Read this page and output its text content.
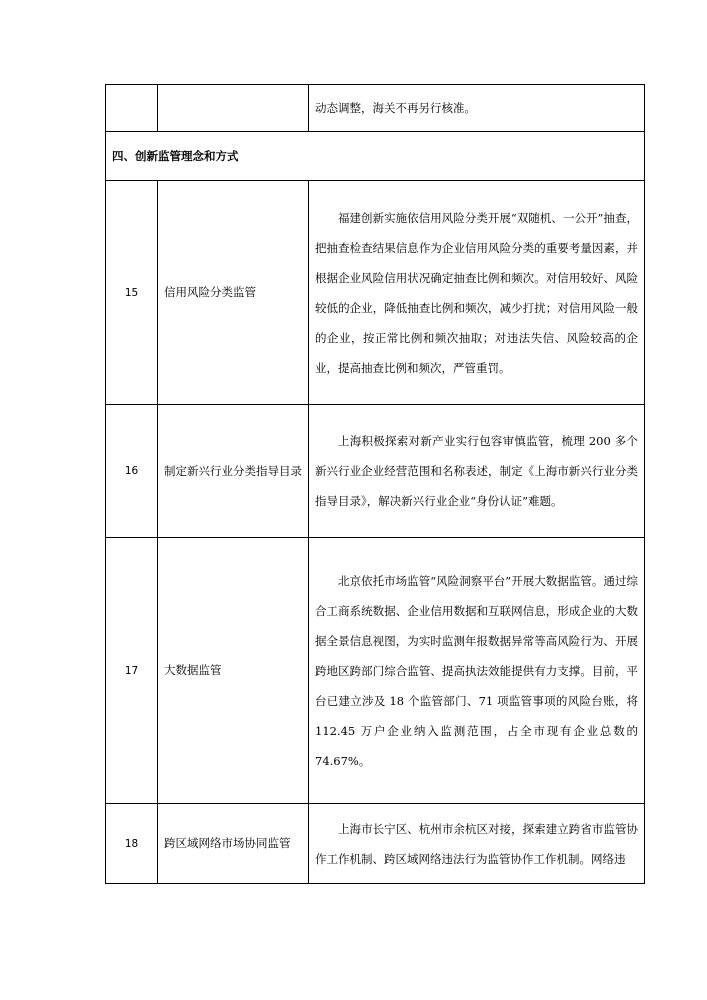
		动态调整，海关不再另行核准。

四、创新监管理念和方式		
15	信用风险分类监管	福建创新实施依信用风险分类开展“双随机、一公开”抽查，把抽查检查结果信息作为企业信用风险分类的重要考量因素，并根据企业风险信用状况确定抽查比例和频次。对信用较好、风险较低的企业，降低抽查比例和频次，减少打扰；对信用风险一般的企业，按正常比例和频次抽取；对违法失信、风险较高的企业，提高抽查比例和频次，严管重罚。

16	制定新兴行业分类指导目录	上海积极探索对新产业实行包容审慎监管，梳理 200 多个新兴行业企业经营范围和名称表述，制定《上海市新兴行业分类指导目录》，解决新兴行业企业“身份认证”难题。

17	大数据监管	北京依托市场监管“风险洞察平台”开展大数据监管。通过综合工商系统数据、企业信用数据和互联网信息，形成企业的大数据全景信息视图，为实时监测年报数据异常等高风险行为、开展跨地区跨部门综合监管、提高执法效能提供有力支撑。目前，平台已建立涉及 18 个监管部门、71 项监管事项的风险台账，将 112.45 万户企业纳入监测范围，占全市现有企业总数的 74.67%。

18	跨区域网络市场协同监管	上海市长宁区、杭州市余杭区对接，探索建立跨省市监管协作工作机制、跨区域网络违法行为监管协作工作机制。网络违
